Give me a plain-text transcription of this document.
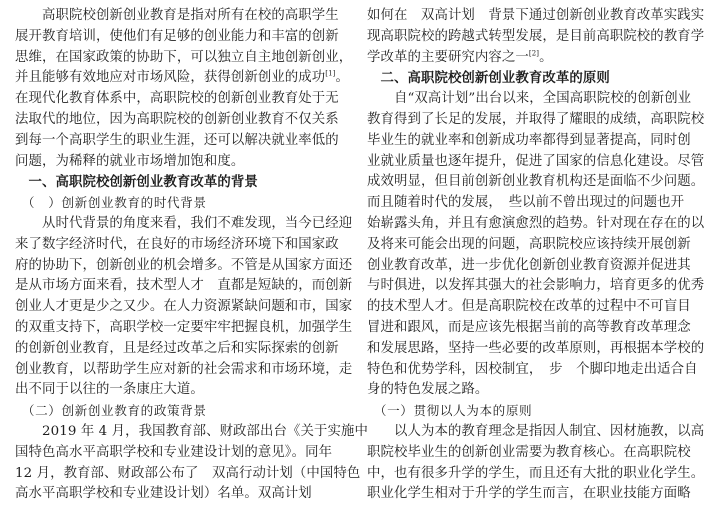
　　高职院校创新创业教育是指对所有在校的高职学生
展开教育培训，使他们有足够的创业能力和丰富的创新
思维，在国家政策的协助下，可以独立自主地创新创业，
并且能够有效地应对市场风险，获得创新创业的成功[1]。
在现代化教育体系中，高职院校的创新创业教育处于无
法取代的地位，因为高职院校的创新创业教育不仅关系
到每一个高职学生的职业生涯，还可以解决就业率低的
问题，为稀释的就业市场增加饱和度。
　一、高职院校创新创业教育改革的背景
　（　）创新创业教育的时代背景
　　从时代背景的角度来看，我们不难发现，当今已经迎
来了数字经济时代，在良好的市场经济环境下和国家政
府的协助下，创新创业的机会增多。不管是从国家方面还
是从市场方面来看，技术型人才　直都是短缺的，而创新
创业人才更是少之又少。在人力资源紧缺问题和市，国家
的双重支持下，高职学校一定要牢牢把握良机，加强学生
的创新创业教育，且是经过改革之后和实际探索的创新
创业教育，以帮助学生应对新的社会需求和市场环境，走
出不同于以往的一条康庄大道。
　（二）创新创业教育的政策背景
　　2019 年 4 月，我国教育部、财政部出台《关于实施中
国特色高水平高职学校和专业建设计划的意见》。同年
12 月，教育部、财政部公布了　双高行动计划（中国特色
高水平高职学校和专业建设计划）名单。双高计划
如何在　双高计划　背景下通过创新创业教育改革实践实
现高职院校的跨越式转型发展，是目前高职院校的教育学
学改革的主要研究内容之一[2]。
　二、高职院校创新创业教育改革的原则
　　自“双高计划”出台以来，全国高职院校的创新创业
教育得到了长足的发展，并取得了耀眼的成绩，高职院校
毕业生的就业率和创新成功率都得到显著提高，同时创
业就业质量也逐年提升，促进了国家的信息化建设。尽管
成效明显，但目前创新创业教育机构还是面临不少问题。
而且随着时代的发展，　些以前不曾出现过的问题也开
始崭露头角，并且有愈演愈烈的趋势。针对现在存在的以
及将来可能会出现的问题，高职院校应该持续开展创新
创业教育改革，进一步优化创新创业教育资源并促进其
与时俱进，以发挥其强大的社会影响力，培育更多的优秀
的技术型人才。但是高职院校在改革的过程中不可盲目
冒进和跟风，而是应该先根据当前的高等教育改革理念
和发展思路，坚持一些必要的改革原则，再根据本学校的
特色和优势学科，因校制宜，　步　个脚印地走出适合自
身的特色发展之路。
　（一）贯彻以人为本的原则
　　以人为本的教育理念是指因人制宜、因材施教，以高
职院校毕业生的创新创业需要为教育核心。在高职院校
中，也有很多升学的学生，而且还有大批的职业化学生。
职业化学生相对于升学的学生而言，在职业技能方面略
